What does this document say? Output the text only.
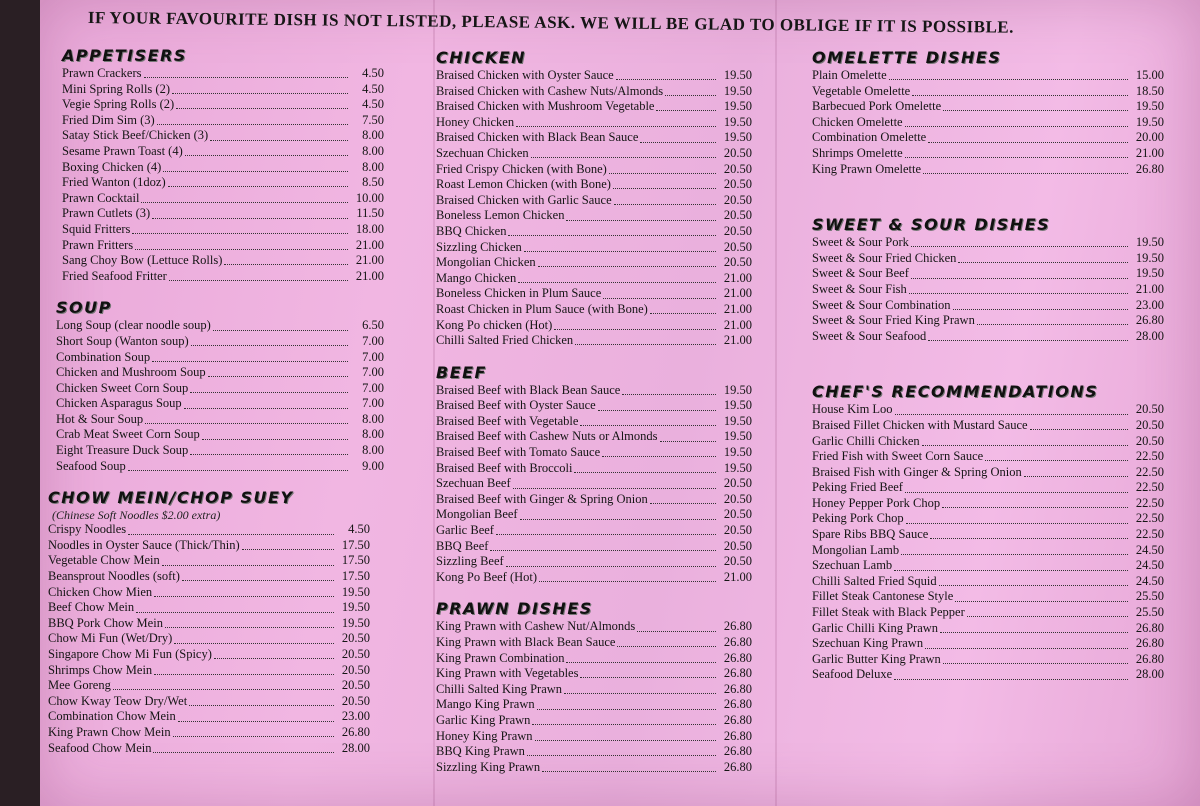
IF YOUR FAVOURITE DISH IS NOT LISTED, PLEASE ASK. WE WILL BE GLAD TO OBLIGE IF IT IS POSSIBLE.
APPETISERS
Prawn Crackers	4.50
Mini Spring Rolls (2)	4.50
Vegie Spring Rolls (2)	4.50
Fried Dim Sim (3)	7.50
Satay Stick Beef/Chicken (3)	8.00
Sesame Prawn Toast (4)	8.00
Boxing Chicken (4)	8.00
Fried Wanton (1doz)	8.50
Prawn Cocktail	10.00
Prawn Cutlets (3)	11.50
Squid Fritters	18.00
Prawn Fritters	21.00
Sang Choy Bow (Lettuce Rolls)	21.00
Fried Seafood Fritter	21.00
SOUP
Long Soup (clear noodle soup)	6.50
Short Soup (Wanton soup)	7.00
Combination Soup	7.00
Chicken and Mushroom Soup	7.00
Chicken Sweet Corn Soup	7.00
Chicken Asparagus Soup	7.00
Hot & Sour Soup	8.00
Crab Meat Sweet Corn Soup	8.00
Eight Treasure Duck Soup	8.00
Seafood Soup	9.00
CHOW MEIN/CHOP SUEY
(Chinese Soft Noodles $2.00 extra)
Crispy Noodles	4.50
Noodles in Oyster Sauce (Thick/Thin)	17.50
Vegetable Chow Mein	17.50
Beansprout Noodles (soft)	17.50
Chicken Chow Mien	19.50
Beef Chow Mein	19.50
BBQ Pork Chow Mein	19.50
Chow Mi Fun (Wet/Dry)	20.50
Singapore Chow Mi Fun (Spicy)	20.50
Shrimps Chow Mein	20.50
Mee Goreng	20.50
Chow Kway Teow Dry/Wet	20.50
Combination Chow Mein	23.00
King Prawn Chow Mein	26.80
Seafood Chow Mein	28.00
CHICKEN
Braised Chicken with Oyster Sauce	19.50
Braised Chicken with Cashew Nuts/Almonds	19.50
Braised Chicken with Mushroom Vegetable	19.50
Honey Chicken	19.50
Braised Chicken with Black Bean Sauce	19.50
Szechuan Chicken	20.50
Fried Crispy Chicken (with Bone)	20.50
Roast Lemon Chicken (with Bone)	20.50
Braised Chicken with Garlic Sauce	20.50
Boneless Lemon Chicken	20.50
BBQ Chicken	20.50
Sizzling Chicken	20.50
Mongolian Chicken	20.50
Mango Chicken	21.00
Boneless Chicken in Plum Sauce	21.00
Roast Chicken in Plum Sauce (with Bone)	21.00
Kong Po chicken (Hot)	21.00
Chilli Salted Fried Chicken	21.00
BEEF
Braised Beef with Black Bean Sauce	19.50
Braised Beef with Oyster Sauce	19.50
Braised Beef with Vegetable	19.50
Braised Beef with Cashew Nuts or Almonds	19.50
Braised Beef with Tomato Sauce	19.50
Braised Beef with Broccoli	19.50
Szechuan Beef	20.50
Braised Beef with Ginger & Spring Onion	20.50
Mongolian Beef	20.50
Garlic Beef	20.50
BBQ Beef	20.50
Sizzling Beef	20.50
Kong Po Beef (Hot)	21.00
PRAWN DISHES
King Prawn with Cashew Nut/Almonds	26.80
King Prawn with Black Bean Sauce	26.80
King Prawn Combination	26.80
King Prawn with Vegetables	26.80
Chilli Salted King Prawn	26.80
Mango King Prawn	26.80
Garlic King Prawn	26.80
Honey King Prawn	26.80
BBQ King Prawn	26.80
Sizzling King Prawn	26.80
OMELETTE DISHES
Plain Omelette	15.00
Vegetable Omelette	18.50
Barbecued Pork Omelette	19.50
Chicken Omelette	19.50
Combination Omelette	20.00
Shrimps Omelette	21.00
King Prawn Omelette	26.80
SWEET & SOUR DISHES
Sweet & Sour Pork	19.50
Sweet & Sour Fried Chicken	19.50
Sweet & Sour Beef	19.50
Sweet & Sour Fish	21.00
Sweet & Sour Combination	23.00
Sweet & Sour Fried King Prawn	26.80
Sweet & Sour Seafood	28.00
CHEF'S RECOMMENDATIONS
House Kim Loo	20.50
Braised Fillet Chicken with Mustard Sauce	20.50
Garlic Chilli Chicken	20.50
Fried Fish with Sweet Corn Sauce	22.50
Braised Fish with Ginger & Spring Onion	22.50
Peking Fried Beef	22.50
Honey Pepper Pork Chop	22.50
Peking Pork Chop	22.50
Spare Ribs BBQ Sauce	22.50
Mongolian Lamb	24.50
Szechuan Lamb	24.50
Chilli Salted Fried Squid	24.50
Fillet Steak Cantonese Style	25.50
Fillet Steak with Black Pepper	25.50
Garlic Chilli King Prawn	26.80
Szechuan King Prawn	26.80
Garlic Butter King Prawn	26.80
Seafood Deluxe	28.00
